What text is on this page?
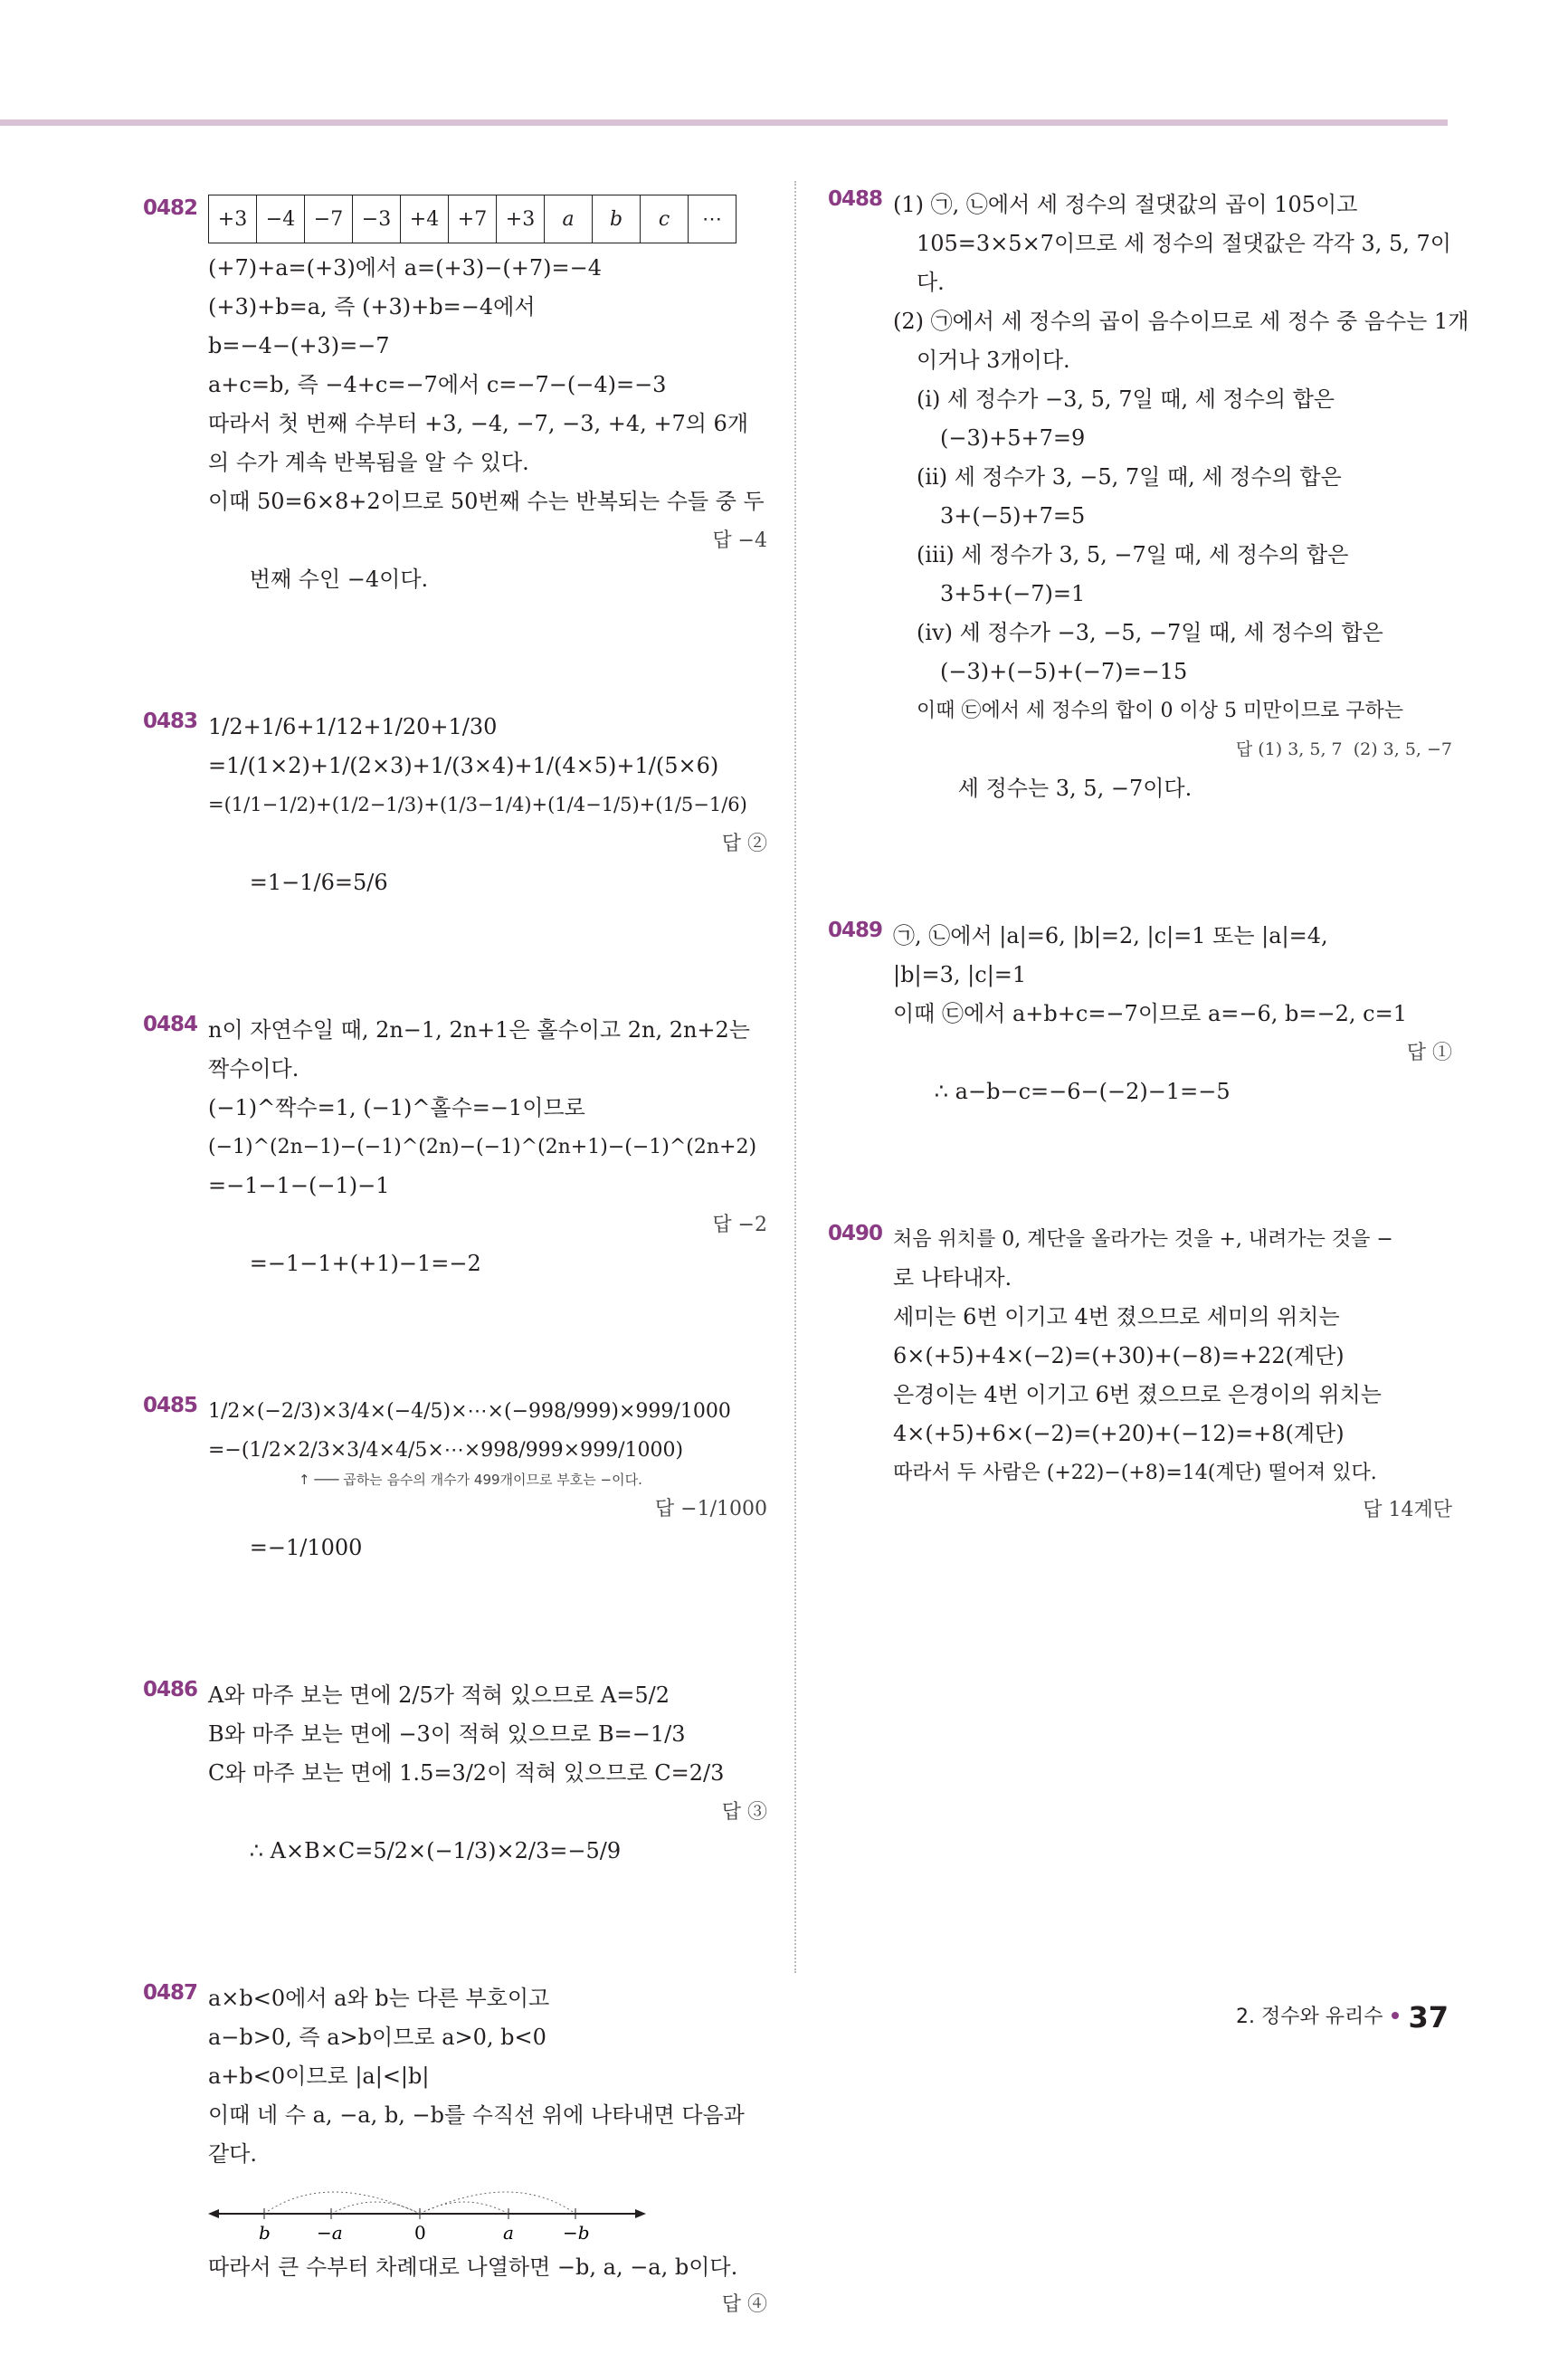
0482 +3	−4	−7	−3	+4	+7	+3	a	b	c	⋯
(+7)+a=(+3)에서 a=(+3)−(+7)=−4
(+3)+b=a, 즉 (+3)+b=−4에서
b=−4−(+3)=−7
a+c=b, 즉 −4+c=−7에서 c=−7−(−4)=−3
따라서 첫 번째 수부터 +3, −4, −7, −3, +4, +7의 6개
의 수가 계속 반복됨을 알 수 있다.
이때 50=6×8+2이므로 50번째 수는 반복되는 수들 중 두

번째 수인 −4이다.

답 −4

0483 1/2+1/6+1/12+1/20+1/30
=1/(1×2)+1/(2×3)+1/(3×4)+1/(4×5)+1/(5×6)
=(1/1−1/2)+(1/2−1/3)+(1/3−1/4)+(1/4−1/5)+(1/5−1/6)

=1−1/6=5/6

답 ②

0484 n이 자연수일 때, 2n−1, 2n+1은 홀수이고 2n, 2n+2는
짝수이다.
(−1)^짝수=1, (−1)^홀수=−1이므로
(−1)^(2n−1)−(−1)^(2n)−(−1)^(2n+1)−(−1)^(2n+2)
=−1−1−(−1)−1

=−1−1+(+1)−1=−2

답 −2

0485 1/2×(−2/3)×3/4×(−4/5)×⋯×(−998/999)×999/1000
=−(1/2×2/3×3/4×4/5×⋯×998/999×999/1000)
↑ ─── 곱하는 음수의 개수가 499개이므로 부호는 −이다.

=−1/1000

답 −1/1000

0486 A와 마주 보는 면에 2/5가 적혀 있으므로 A=5/2
B와 마주 보는 면에 −3이 적혀 있으므로 B=−1/3
C와 마주 보는 면에 1.5=3/2이 적혀 있으므로 C=2/3

∴ A×B×C=5/2×(−1/3)×2/3=−5/9

답 ③

0487 a×b<0에서 a와 b는 다른 부호이고
a−b>0, 즉 a>b이므로 a>0, b<0
a+b<0이므로 |a|<|b|
이때 네 수 a, −a, b, −b를 수직선 위에 나타내면 다음과
같다.
b	−a	0	a	−b
따라서 큰 수부터 차례대로 나열하면 −b, a, −a, b이다.
답 ④
0488 (1) ㉠, ㉡에서 세 정수의 절댓값의 곱이 105이고
105=3×5×7이므로 세 정수의 절댓값은 각각 3, 5, 7이
다.
(2) ㉠에서 세 정수의 곱이 음수이므로 세 정수 중 음수는 1개
이거나 3개이다.
(ⅰ) 세 정수가 −3, 5, 7일 때, 세 정수의 합은
(−3)+5+7=9
(ⅱ) 세 정수가 3, −5, 7일 때, 세 정수의 합은
3+(−5)+7=5
(ⅲ) 세 정수가 3, 5, −7일 때, 세 정수의 합은
3+5+(−7)=1
(ⅳ) 세 정수가 −3, −5, −7일 때, 세 정수의 합은
(−3)+(−5)+(−7)=−15
이때 ㉢에서 세 정수의 합이 0 이상 5 미만이므로 구하는

세 정수는 3, 5, −7이다.

답 (1) 3, 5, 7  (2) 3, 5, −7

0489 ㉠, ㉡에서 |a|=6, |b|=2, |c|=1 또는 |a|=4,
|b|=3, |c|=1
이때 ㉢에서 a+b+c=−7이므로 a=−6, b=−2, c=1

∴ a−b−c=−6−(−2)−1=−5

답 ①

0490 처음 위치를 0, 계단을 올라가는 것을 +, 내려가는 것을 −
로 나타내자.
세미는 6번 이기고 4번 졌으므로 세미의 위치는
6×(+5)+4×(−2)=(+30)+(−8)=+22(계단)
은경이는 4번 이기고 6번 졌으므로 은경이의 위치는
4×(+5)+6×(−2)=(+20)+(−12)=+8(계단)
따라서 두 사람은 (+22)−(+8)=14(계단) 떨어져 있다.
답 14계단
2. 정수와 유리수 37
